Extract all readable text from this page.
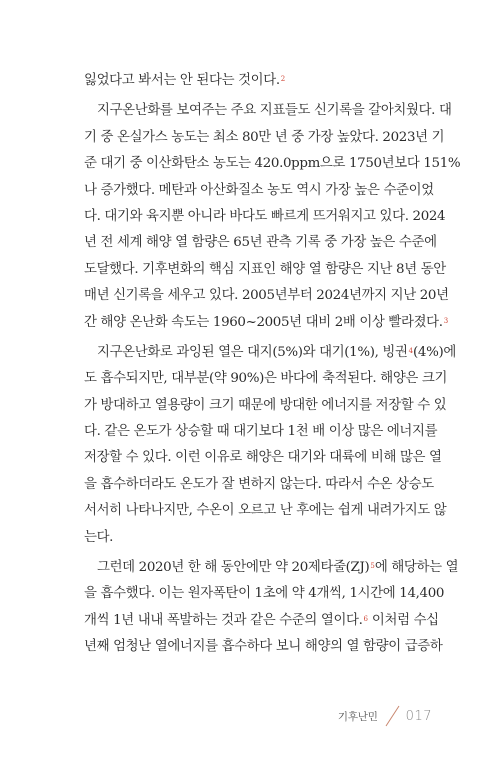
잃었다고 봐서는 안 된다는 것이다.$^2$
지구온난화를 보여주는 주요 지표들도 신기록을 갈아치웠다. 대
기 중 온실가스 농도는 최소 80만 년 중 가장 높았다. 2023년 기
준 대기 중 이산화탄소 농도는 420.0ppm으로 1750년보다 151%
나 증가했다. 메탄과 아산화질소 농도 역시 가장 높은 수준이었
다. 대기와 육지뿐 아니라 바다도 빠르게 뜨거워지고 있다. 2024
년 전 세계 해양 열 함량은 65년 관측 기록 중 가장 높은 수준에
도달했다. 기후변화의 핵심 지표인 해양 열 함량은 지난 8년 동안
매년 신기록을 세우고 있다. 2005년부터 2024년까지 지난 20년
간 해양 온난화 속도는 1960~2005년 대비 2배 이상 빨라졌다.$^3$
지구온난화로 과잉된 열은 대지(5%)와 대기(1%), 빙권$^4$(4%)에
도 흡수되지만, 대부분(약 90%)은 바다에 축적된다. 해양은 크기
가 방대하고 열용량이 크기 때문에 방대한 에너지를 저장할 수 있
다. 같은 온도가 상승할 때 대기보다 1천 배 이상 많은 에너지를
저장할 수 있다. 이런 이유로 해양은 대기와 대륙에 비해 많은 열
을 흡수하더라도 온도가 잘 변하지 않는다. 따라서 수온 상승도
서서히 나타나지만, 수온이 오르고 난 후에는 쉽게 내려가지도 않
는다.
그런데 2020년 한 해 동안에만 약 20제타줄(ZJ)$^5$에 해당하는 열
을 흡수했다. 이는 원자폭탄이 1초에 약 4개씩, 1시간에 14,400
개씩 1년 내내 폭발하는 것과 같은 수준의 열이다.$^6$ 이처럼 수십
년째 엄청난 열에너지를 흡수하다 보니 해양의 열 함량이 급증하
기후난민 017
